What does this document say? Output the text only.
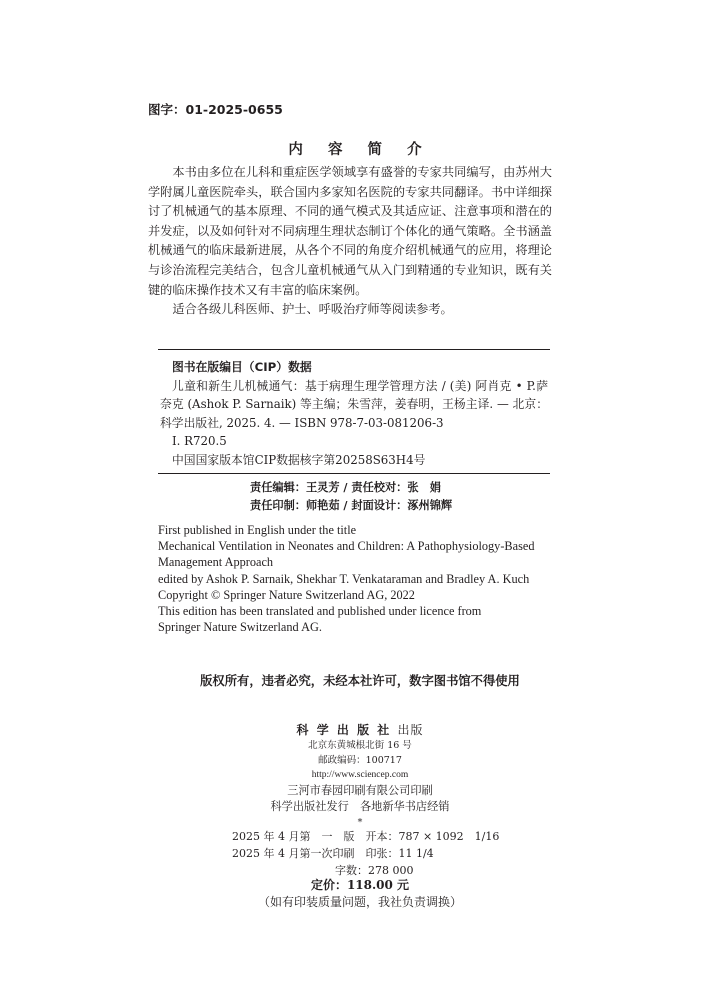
图字：01-2025-0655
内 容 简 介

本书由多位在儿科和重症医学领域享有盛誉的专家共同编写，由苏州大学附属儿童医院牵头，联合国内多家知名医院的专家共同翻译。书中详细探讨了机械通气的基本原理、不同的通气模式及其适应证、注意事项和潜在的并发症，以及如何针对不同病理生理状态制订个体化的通气策略。全书涵盖机械通气的临床最新进展，从各个不同的角度介绍机械通气的应用，将理论与诊治流程完美结合，包含儿童机械通气从入门到精通的专业知识，既有关键的临床操作技术又有丰富的临床案例。

适合各级儿科医师、护士、呼吸治疗师等阅读参考。

图书在版编目（CIP）数据
儿童和新生儿机械通气：基于病理生理学管理方法 / (美) 阿肖克 • P.萨奈克 (Ashok P. Sarnaik) 等主编；朱雪萍，姜春明，王杨主译. — 北京：科学出版社, 2025. 4. — ISBN 978-7-03-081206-3
Ⅰ. R720.5
中国国家版本馆CIP数据核字第20258S63H4号
责任编辑：王灵芳 / 责任校对：张　娟
责任印制：师艳茹 / 封面设计：涿州锦辉
First published in English under the title
Mechanical Ventilation in Neonates and Children: A Pathophysiology-Based
Management Approach
edited by Ashok P. Sarnaik, Shekhar T. Venkataraman and Bradley A. Kuch
Copyright © Springer Nature Switzerland AG, 2022
This edition has been translated and published under licence from
Springer Nature Switzerland AG.
版权所有，违者必究，未经本社许可，数字图书馆不得使用
科 学 出 版 社 出版
北京东黄城根北街 16 号
邮政编码：100717
http://www.sciencep.com
三河市春园印刷有限公司印刷
科学出版社发行　各地新华书店经销
*
2025 年 4 月第　一　版　开本：787 × 1092　1/16
2025 年 4 月第一次印刷　印张：11 1/4
字数：278 000
定价：118.00 元
（如有印装质量问题，我社负责调换）
